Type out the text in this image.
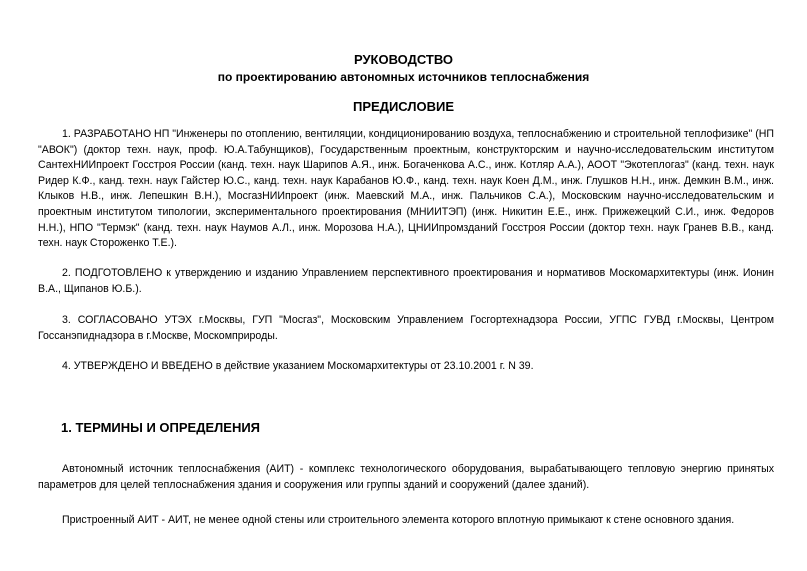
РУКОВОДСТВО
по проектированию автономных источников теплоснабжения
ПРЕДИСЛОВИЕ
1. РАЗРАБОТАНО НП "Инженеры по отоплению, вентиляции, кондиционированию воздуха, теплоснабжению и строительной теплофизике" (НП "АВОК") (доктор техн. наук, проф. Ю.А.Табунщиков), Государственным проектным, конструкторским и научно-исследовательским институтом СантехНИИпроект Госстроя России (канд. техн. наук Шарипов А.Я., инж. Богаченкова А.С., инж. Котляр А.А.), АООТ "Экотеплогаз" (канд. техн. наук Ридер К.Ф., канд. техн. наук Гайстер Ю.С., канд. техн. наук Карабанов Ю.Ф., канд. техн. наук Коен Д.М., инж. Глушков Н.Н., инж. Демкин В.М., инж. Клыков Н.В., инж. Лепешкин В.Н.), МосгазНИИпроект (инж. Маевский М.А., инж. Пальчиков С.А.), Московским научно-исследовательским и проектным институтом типологии, экспериментального проектирования (МНИИТЭП) (инж. Никитин Е.Е., инж. Прижежецкий С.И., инж. Федоров Н.Н.), НПО "Термэк" (канд. техн. наук Наумов А.Л., инж. Морозова Н.А.), ЦНИИпромзданий Госстроя России (доктор техн. наук Гранев В.В., канд. техн. наук Стороженко Т.Е.).
2. ПОДГОТОВЛЕНО к утверждению и изданию Управлением перспективного проектирования и нормативов Москомархитектуры (инж. Ионин В.А., Щипанов Ю.Б.).
3. СОГЛАСОВАНО УТЭХ г.Москвы, ГУП "Мосгаз", Московским Управлением Госгортехнадзора России, УГПС ГУВД г.Москвы, Центром Госсанэпиднадзора в г.Москве, Москомприроды.
4. УТВЕРЖДЕНО И ВВЕДЕНО в действие указанием Москомархитектуры от 23.10.2001 г. N 39.
1. ТЕРМИНЫ И ОПРЕДЕЛЕНИЯ
Автономный источник теплоснабжения (АИТ) - комплекс технологического оборудования, вырабатывающего тепловую энергию принятых параметров для целей теплоснабжения здания и сооружения или группы зданий и сооружений (далее зданий).
Пристроенный АИТ - АИТ, не менее одной стены или строительного элемента которого вплотную примыкают к стене основного здания.
